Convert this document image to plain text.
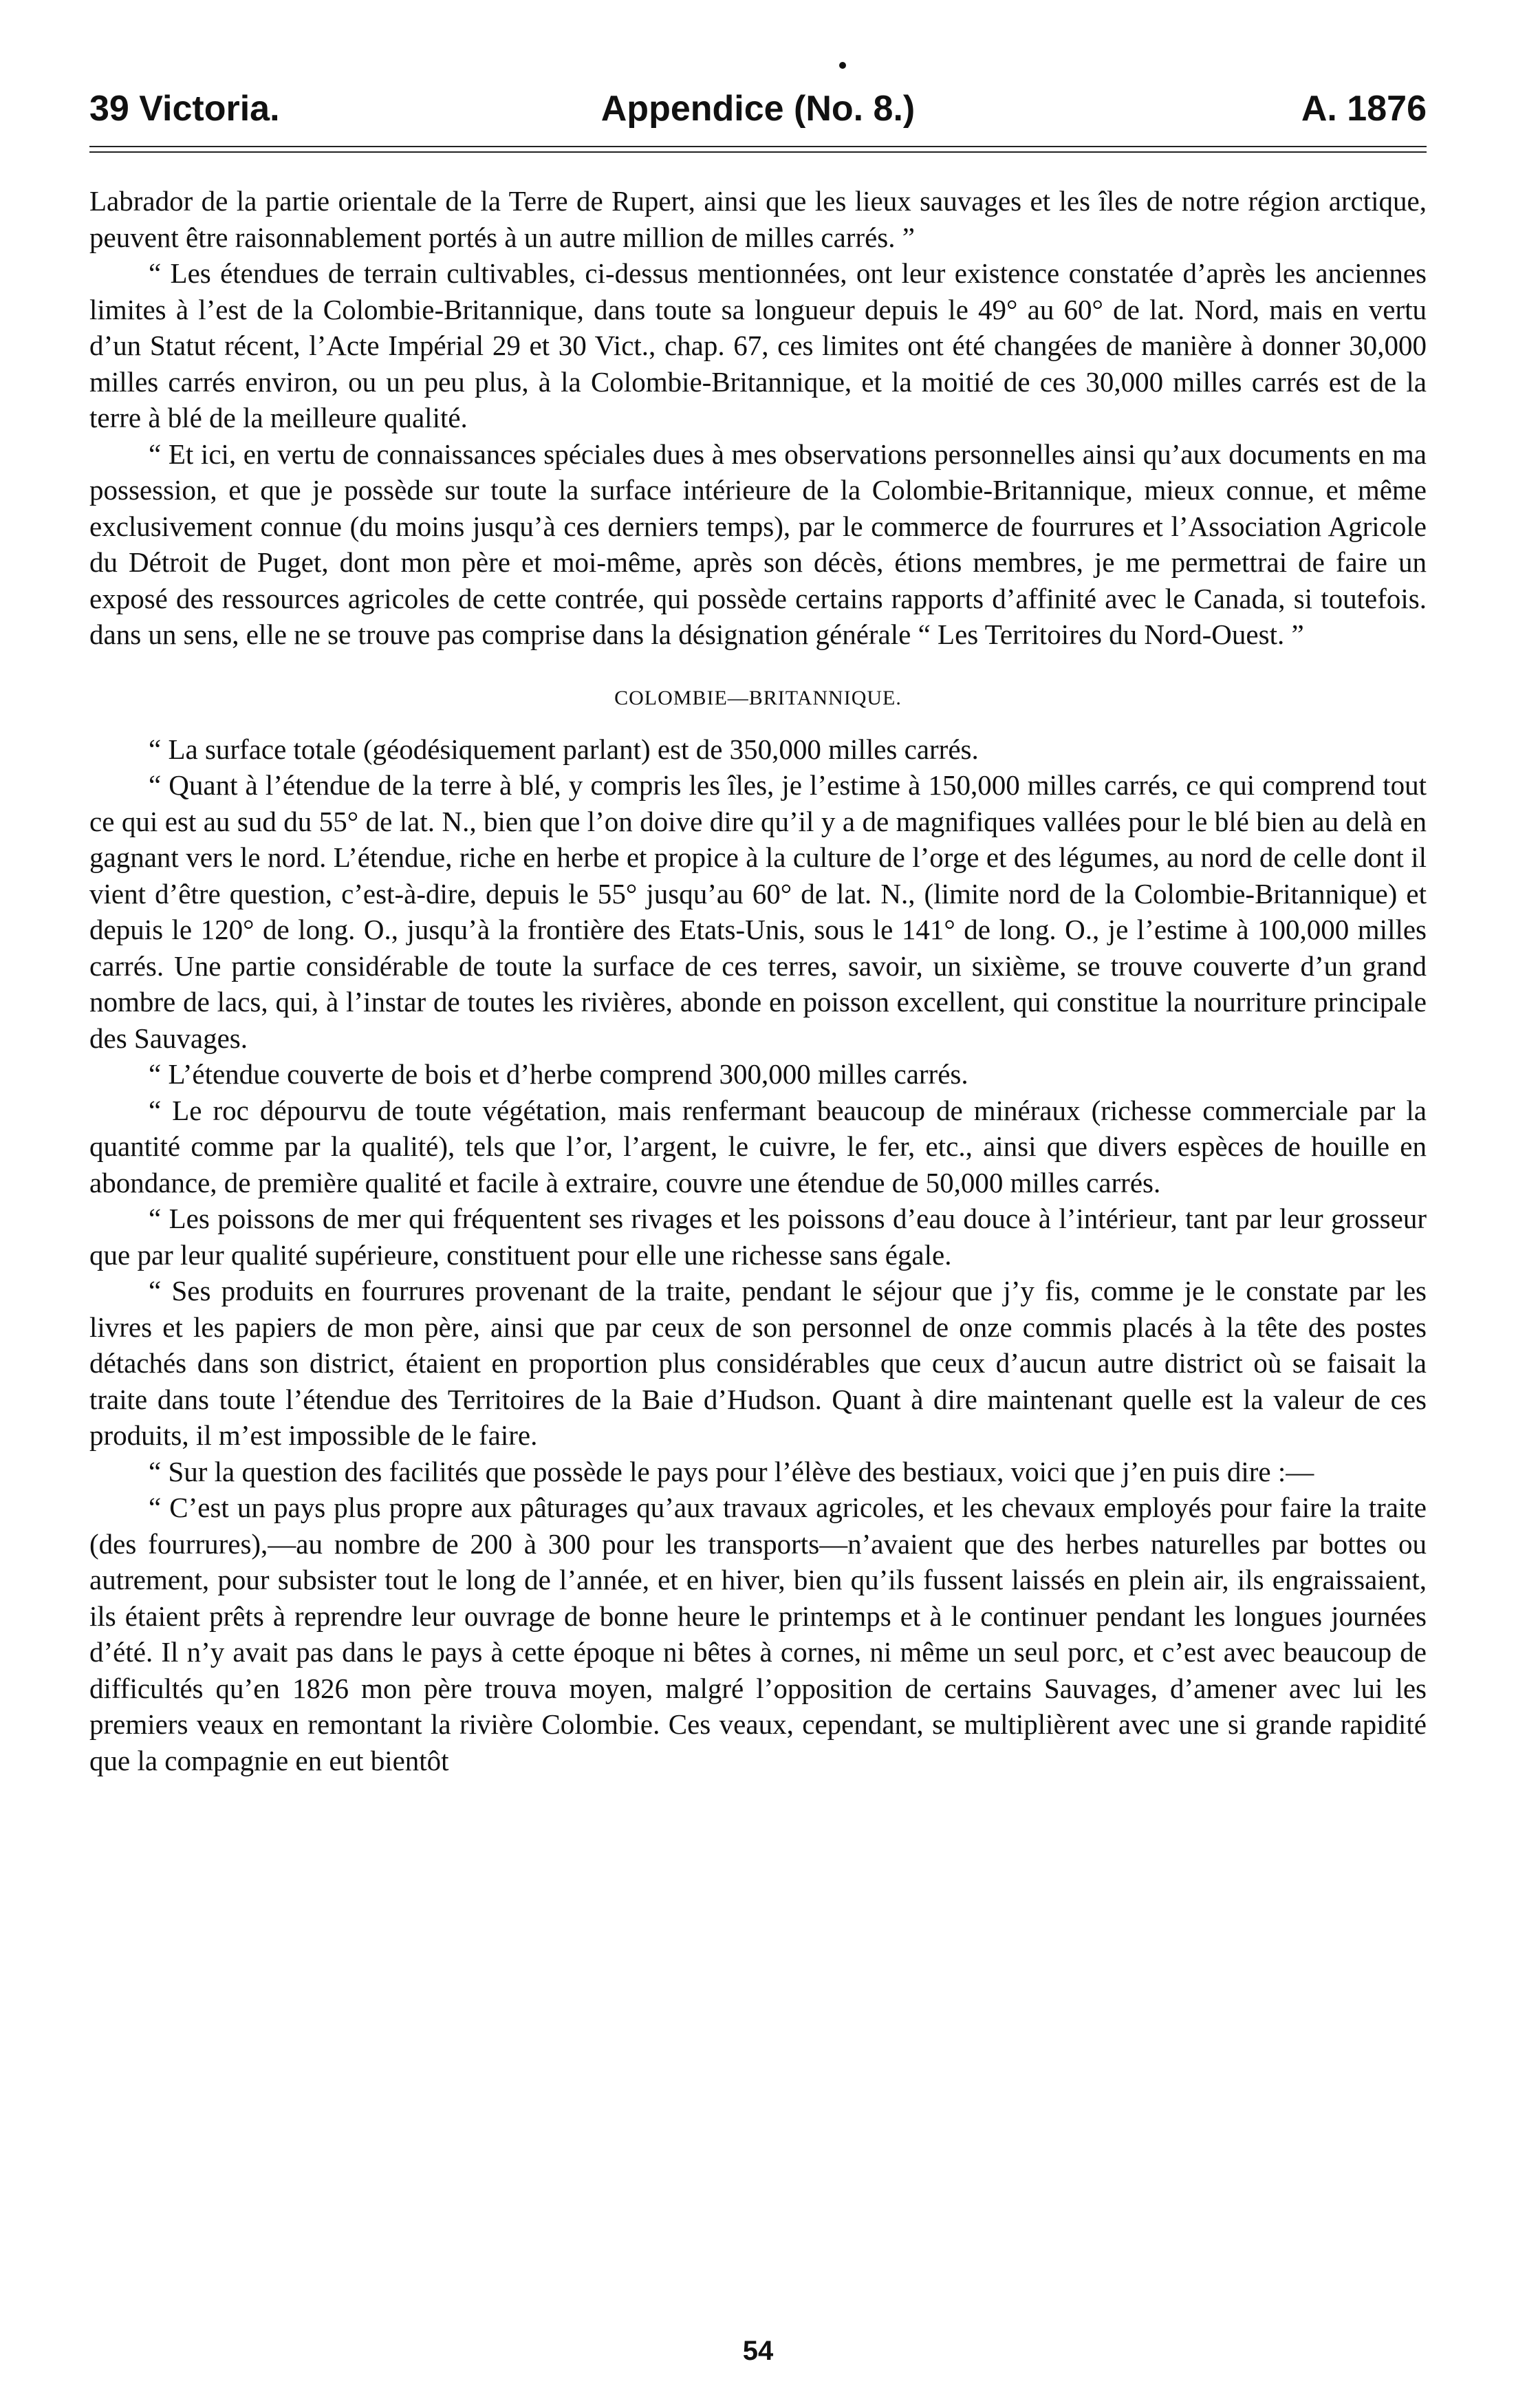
39 Victoria.	Appendice (No. 8.)	A. 1876

Labrador de la partie orientale de la Terre de Rupert, ainsi que les lieux sauvages et les îles de notre région arctique, peuvent être raisonnablement portés à un autre million de milles carrés. ”

“ Les étendues de terrain cultivables, ci-dessus mentionnées, ont leur existence constatée d’après les anciennes limites à l’est de la Colombie-Britannique, dans toute sa longueur depuis le 49° au 60° de lat. Nord, mais en vertu d’un Statut récent, l’Acte Impérial 29 et 30 Vict., chap. 67, ces limites ont été changées de manière à donner 30,000 milles carrés environ, ou un peu plus, à la Colombie-Britannique, et la moitié de ces 30,000 milles carrés est de la terre à blé de la meilleure qualité.

“ Et ici, en vertu de connaissances spéciales dues à mes observations personnelles ainsi qu’aux documents en ma possession, et que je possède sur toute la surface intérieure de la Colombie-Britannique, mieux connue, et même exclusivement connue (du moins jusqu’à ces derniers temps), par le commerce de fourrures et l’Association Agricole du Détroit de Puget, dont mon père et moi-même, après son décès, étions membres, je me permettrai de faire un exposé des ressources agricoles de cette contrée, qui possède certains rapports d’affinité avec le Canada, si toutefois. dans un sens, elle ne se trouve pas comprise dans la désignation générale “ Les Territoires du Nord-Ouest. ”

COLOMBIE—BRITANNIQUE.

“ La surface totale (géodésiquement parlant) est de 350,000 milles carrés.

“ Quant à l’étendue de la terre à blé, y compris les îles, je l’estime à 150,000 milles carrés, ce qui comprend tout ce qui est au sud du 55° de lat. N., bien que l’on doive dire qu’il y a de magnifiques vallées pour le blé bien au delà en gagnant vers le nord. L’étendue, riche en herbe et propice à la culture de l’orge et des légumes, au nord de celle dont il vient d’être question, c’est-à-dire, depuis le 55° jusqu’au 60° de lat. N., (limite nord de la Colombie-Britannique) et depuis le 120° de long. O., jusqu’à la frontière des Etats-Unis, sous le 141° de long. O., je l’estime à 100,000 milles carrés. Une partie considérable de toute la surface de ces terres, savoir, un sixième, se trouve couverte d’un grand nombre de lacs, qui, à l’instar de toutes les rivières, abonde en poisson excellent, qui constitue la nourriture principale des Sauvages.

“ L’étendue couverte de bois et d’herbe comprend 300,000 milles carrés.

“ Le roc dépourvu de toute végétation, mais renfermant beaucoup de minéraux (richesse commerciale par la quantité comme par la qualité), tels que l’or, l’argent, le cuivre, le fer, etc., ainsi que divers espèces de houille en abondance, de première qualité et facile à extraire, couvre une étendue de 50,000 milles carrés.

“ Les poissons de mer qui fréquentent ses rivages et les poissons d’eau douce à l’intérieur, tant par leur grosseur que par leur qualité supérieure, constituent pour elle une richesse sans égale.

“ Ses produits en fourrures provenant de la traite, pendant le séjour que j’y fis, comme je le constate par les livres et les papiers de mon père, ainsi que par ceux de son personnel de onze commis placés à la tête des postes détachés dans son district, étaient en proportion plus considérables que ceux d’aucun autre district où se faisait la traite dans toute l’étendue des Territoires de la Baie d’Hudson. Quant à dire maintenant quelle est la valeur de ces produits, il m’est impossible de le faire.

“ Sur la question des facilités que possède le pays pour l’élève des bestiaux, voici que j’en puis dire :—

“ C’est un pays plus propre aux pâturages qu’aux travaux agricoles, et les chevaux employés pour faire la traite (des fourrures),—au nombre de 200 à 300 pour les transports—n’avaient que des herbes naturelles par bottes ou autrement, pour subsister tout le long de l’année, et en hiver, bien qu’ils fussent laissés en plein air, ils engraissaient, ils étaient prêts à reprendre leur ouvrage de bonne heure le printemps et à le continuer pendant les longues journées d’été. Il n’y avait pas dans le pays à cette époque ni bêtes à cornes, ni même un seul porc, et c’est avec beaucoup de difficultés qu’en 1826 mon père trouva moyen, malgré l’opposition de certains Sauvages, d’amener avec lui les premiers veaux en remontant la rivière Colombie. Ces veaux, cependant, se multiplièrent avec une si grande rapidité que la compagnie en eut bientôt

54
